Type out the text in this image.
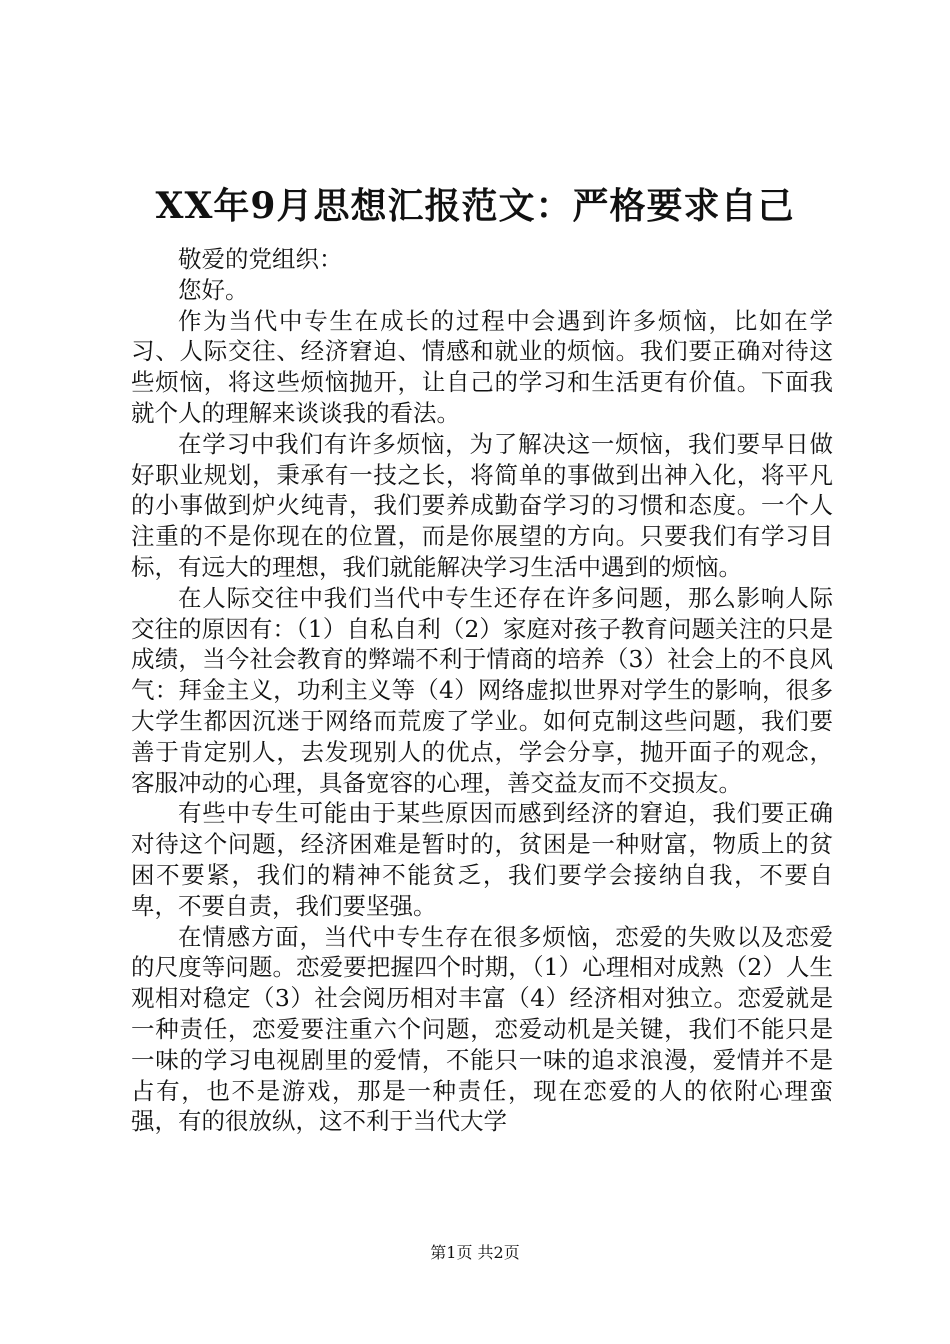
XX年9月思想汇报范文：严格要求自己

敬爱的党组织：

您好。

作为当代中专生在成长的过程中会遇到许多烦恼，比如在学习、人际交往、经济窘迫、情感和就业的烦恼。我们要正确对待这些烦恼，将这些烦恼抛开，让自己的学习和生活更有价值。下面我就个人的理解来谈谈我的看法。

在学习中我们有许多烦恼，为了解决这一烦恼，我们要早日做好职业规划，秉承有一技之长，将简单的事做到出神入化，将平凡的小事做到炉火纯青，我们要养成勤奋学习的习惯和态度。一个人注重的不是你现在的位置，而是你展望的方向。只要我们有学习目标，有远大的理想，我们就能解决学习生活中遇到的烦恼。

在人际交往中我们当代中专生还存在许多问题，那么影响人际交往的原因有：（1）自私自利（2）家庭对孩子教育问题关注的只是成绩，当今社会教育的弊端不利于情商的培养（3）社会上的不良风气：拜金主义，功利主义等（4）网络虚拟世界对学生的影响，很多大学生都因沉迷于网络而荒废了学业。如何克制这些问题，我们要善于肯定别人，去发现别人的优点，学会分享，抛开面子的观念，客服冲动的心理，具备宽容的心理，善交益友而不交损友。

有些中专生可能由于某些原因而感到经济的窘迫，我们要正确对待这个问题，经济困难是暂时的，贫困是一种财富，物质上的贫困不要紧，我们的精神不能贫乏，我们要学会接纳自我，不要自卑，不要自责，我们要坚强。

在情感方面，当代中专生存在很多烦恼，恋爱的失败以及恋爱的尺度等问题。恋爱要把握四个时期，（1）心理相对成熟（2）人生观相对稳定（3）社会阅历相对丰富（4）经济相对独立。恋爱就是一种责任，恋爱要注重六个问题，恋爱动机是关键，我们不能只是一味的学习电视剧里的爱情，不能只一味的追求浪漫，爱情并不是占有，也不是游戏，那是一种责任，现在恋爱的人的依附心理蛮强，有的很放纵，这不利于当代大学

第1页 共2页
